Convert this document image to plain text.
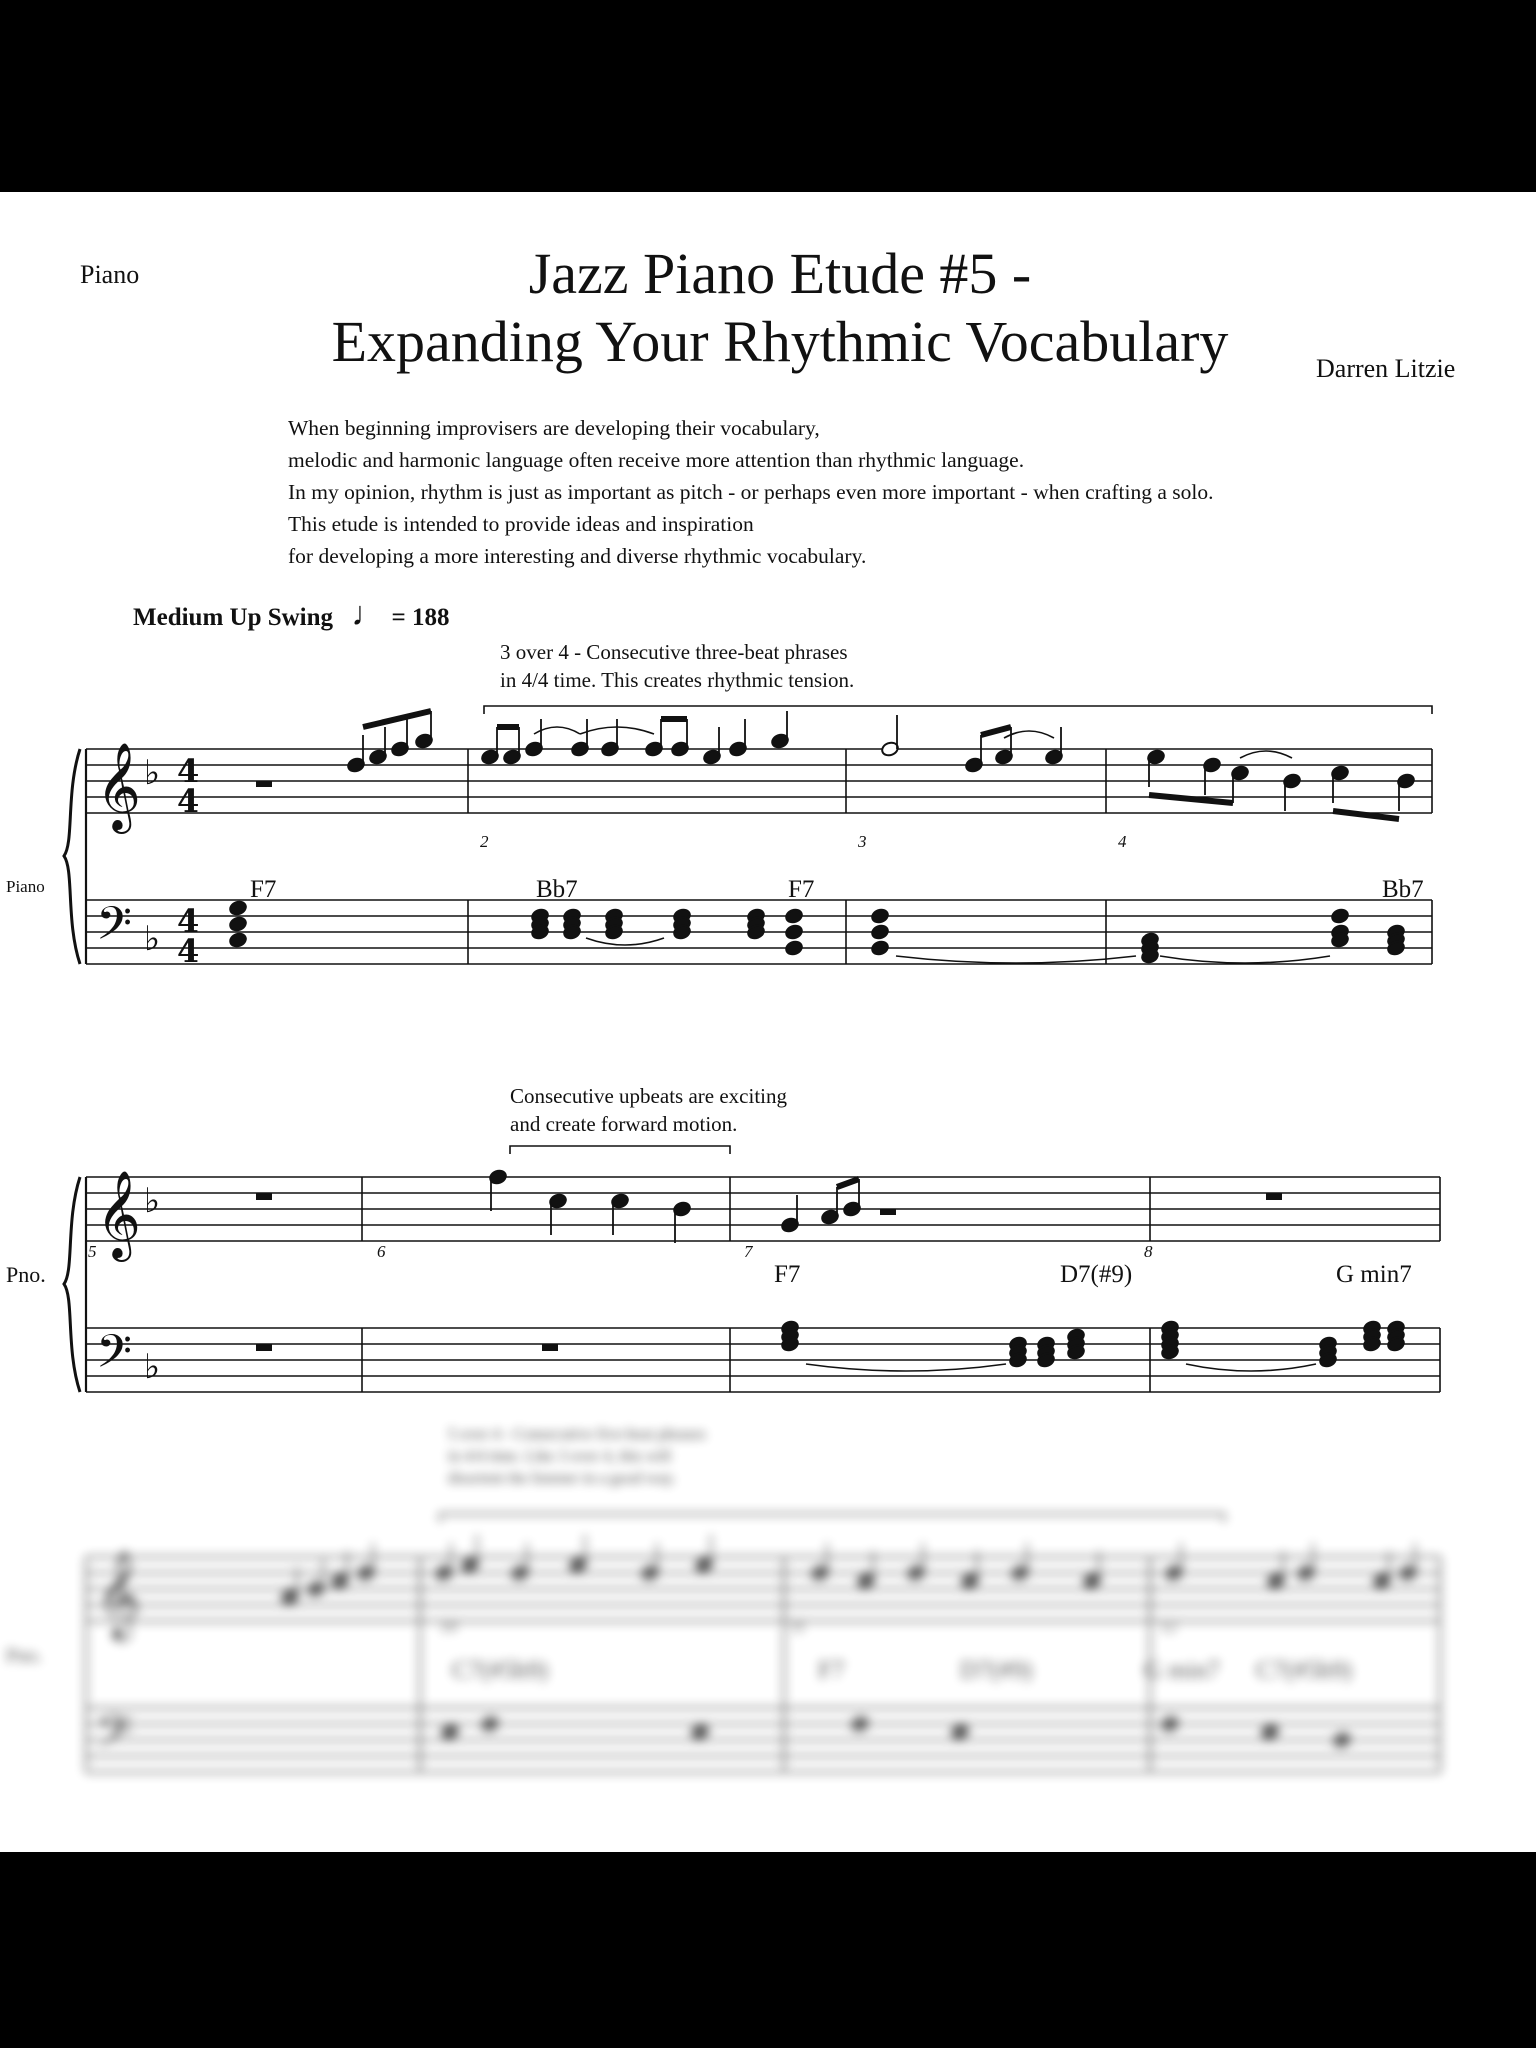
Piano	Jazz Piano Etude #5 -
Expanding Your Rhythmic Vocabulary	Darren Litzie
When beginning improvisers are developing their vocabulary,
melodic and harmonic language often receive more attention than rhythmic language.
In my opinion, rhythm is just as important as pitch - or perhaps even more important - when crafting a solo.
This etude is intended to provide ideas and inspiration
for developing a more interesting and diverse rhythmic vocabulary.
Medium Up Swing ♩ = 188
3 over 4 - Consecutive three-beat phrases
in 4/4 time. This creates rhythmic tension.
Consecutive upbeats are exciting
and create forward motion.
5 over 4 - Consecutive five-beat phrases
in 4/4 time. Like 3 over 4, this will
disorient the listener in a good way.
𝄞
𝄢
♭
♭
4
4
4
4
𝄞
𝄢
♭
♭
Piano
Pno.
2	3	4
5	6	7	8
F7	Bb7	F7	Bb7
F7	D7(#9)	G min7
𝄞
𝄢
Pno.
C7(#5b9)	F7	D7(#9)	G min7 C7(#5b9)
10	11	12
